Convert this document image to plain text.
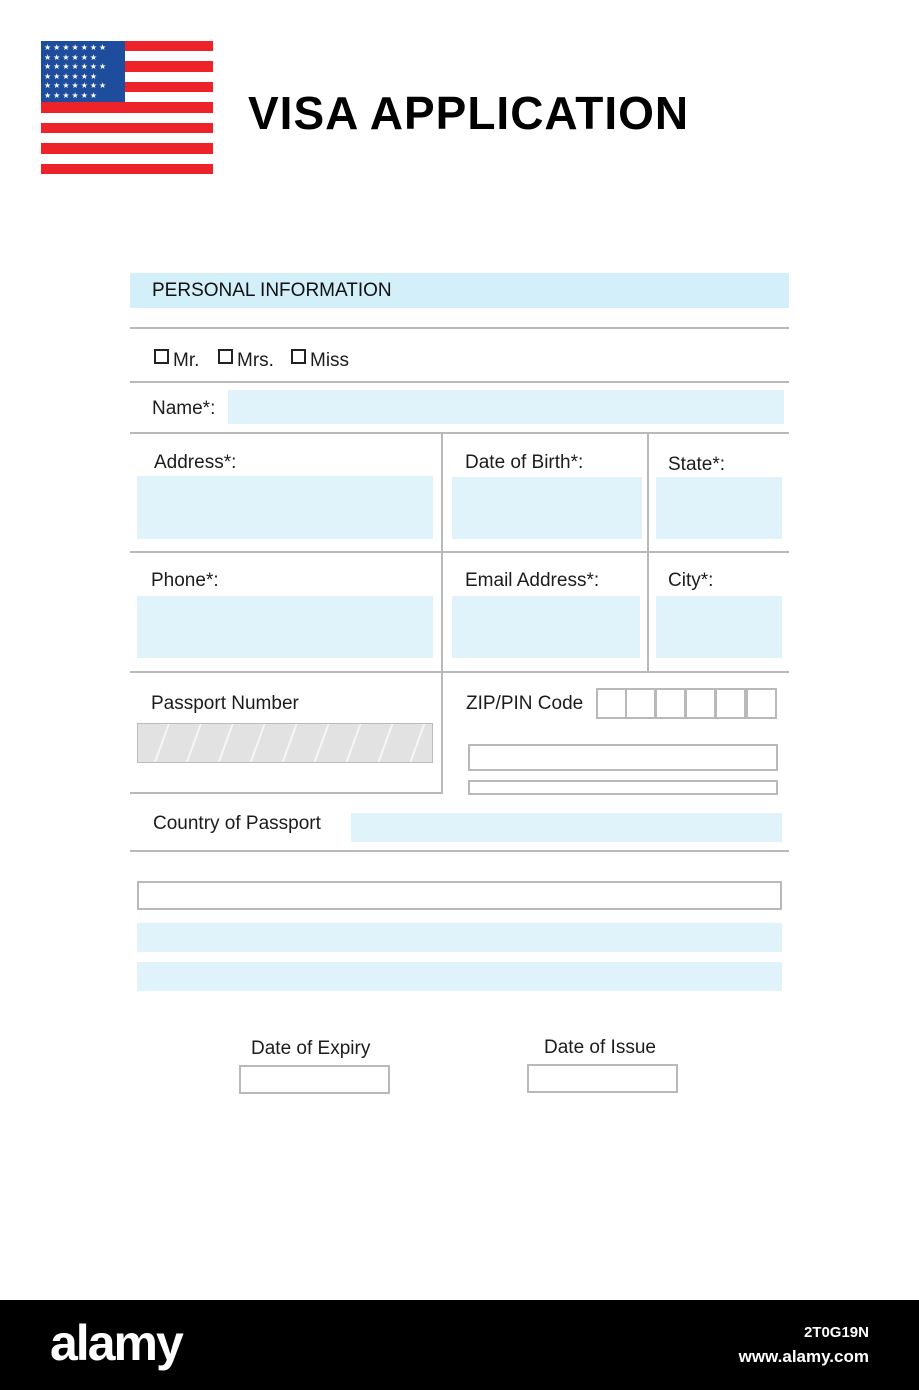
★★★★★★★ ★★★★★★ ★★★★★★★ ★★★★★★ ★★★★★★★ ★★★★★★	VISA APPLICATION
PERSONAL INFORMATION
Mr. Mrs. Miss
Name*:
Address*:	Date of Birth*:	State*:
Phone*:	Email Address*:	City*:
Passport Number	ZIP/PIN Code
Country of Passport
Date of Expiry	Date of Issue
alamy	2T0G19N
www.alamy.com
